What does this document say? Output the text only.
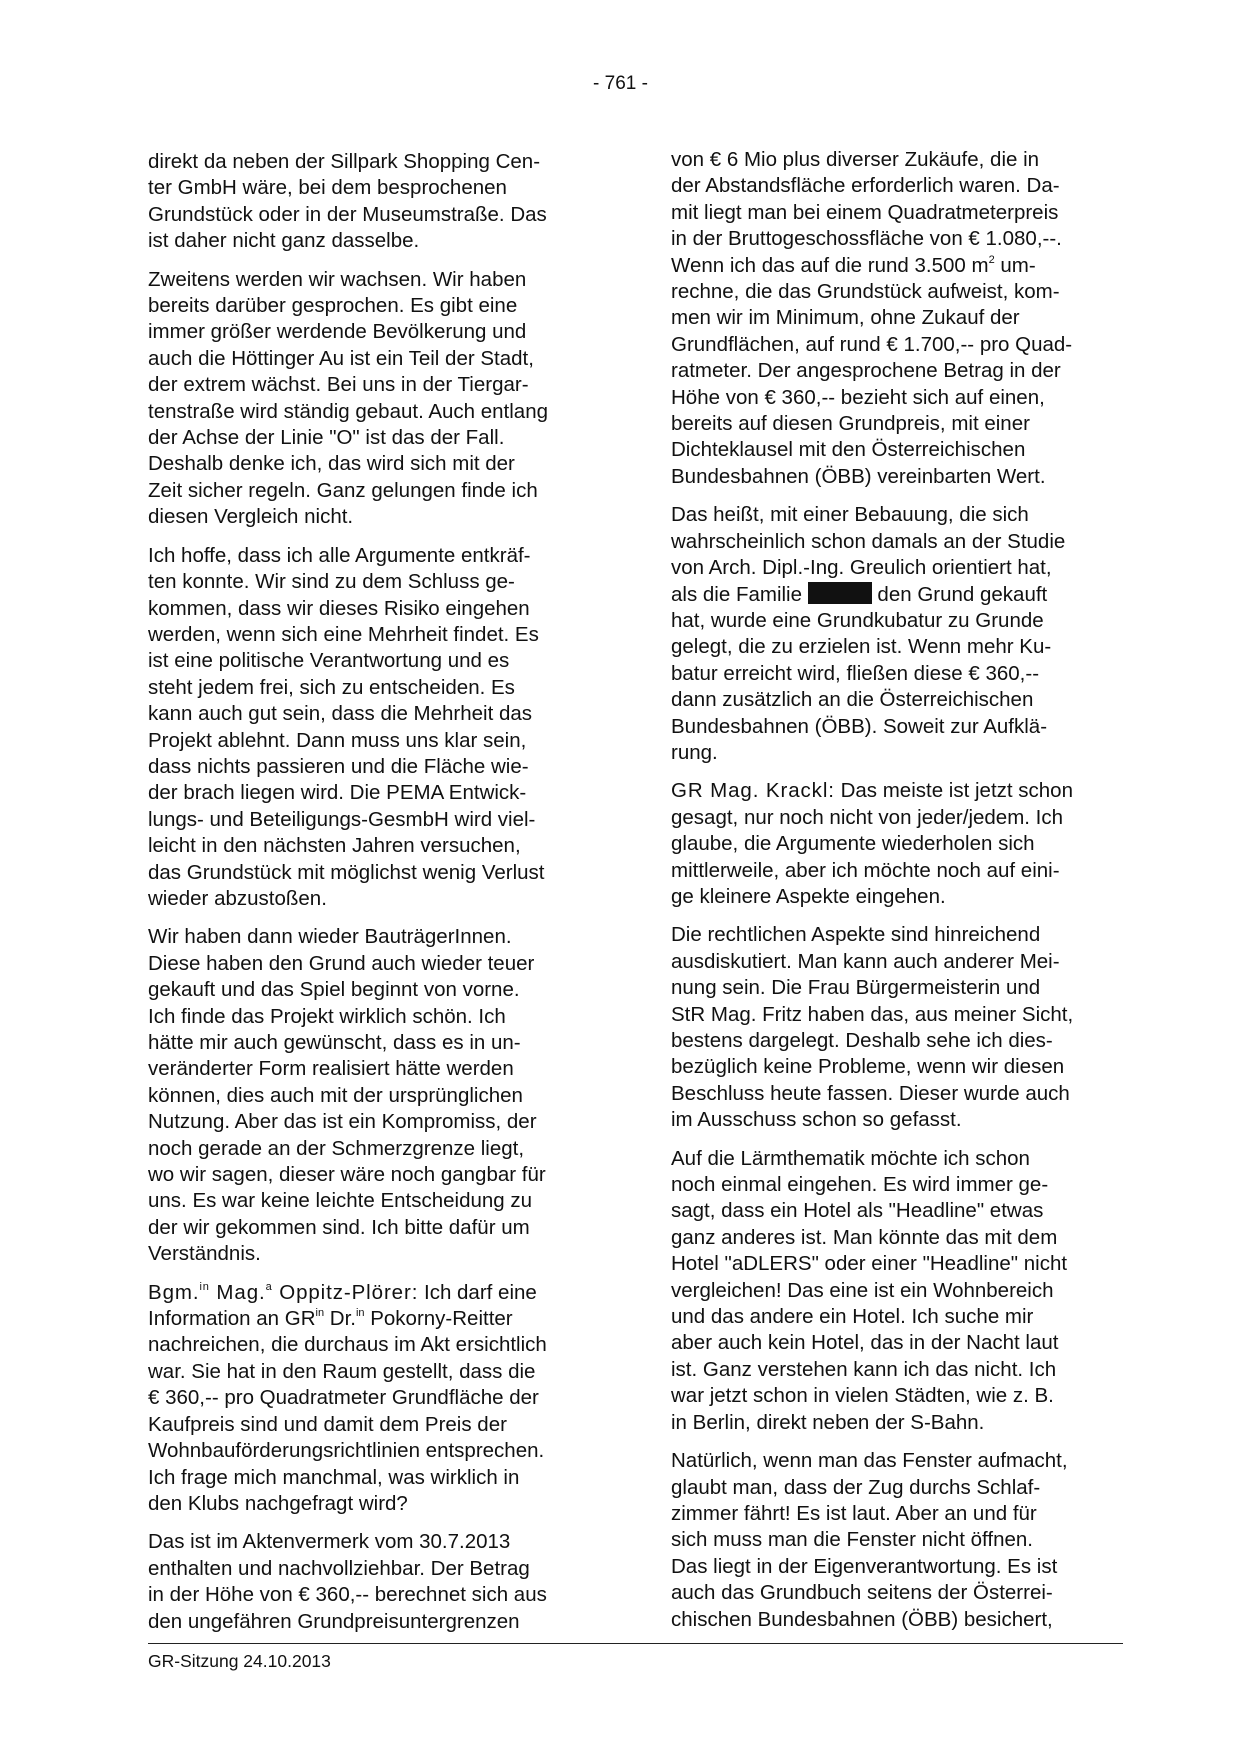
- 761 -

direkt da neben der Sillpark Shopping Cen-
ter GmbH wäre, bei dem besprochenen
Grundstück oder in der Museumstraße. Das
ist daher nicht ganz dasselbe.

Zweitens werden wir wachsen. Wir haben
bereits darüber gesprochen. Es gibt eine
immer größer werdende Bevölkerung und
auch die Höttinger Au ist ein Teil der Stadt,
der extrem wächst. Bei uns in der Tiergar-
tenstraße wird ständig gebaut. Auch entlang
der Achse der Linie "O" ist das der Fall.
Deshalb denke ich, das wird sich mit der
Zeit sicher regeln. Ganz gelungen finde ich
diesen Vergleich nicht.

Ich hoffe, dass ich alle Argumente entkräf-
ten konnte. Wir sind zu dem Schluss ge-
kommen, dass wir dieses Risiko eingehen
werden, wenn sich eine Mehrheit findet. Es
ist eine politische Verantwortung und es
steht jedem frei, sich zu entscheiden. Es
kann auch gut sein, dass die Mehrheit das
Projekt ablehnt. Dann muss uns klar sein,
dass nichts passieren und die Fläche wie-
der brach liegen wird. Die PEMA Entwick-
lungs- und Beteiligungs-GesmbH wird viel-
leicht in den nächsten Jahren versuchen,
das Grundstück mit möglichst wenig Verlust
wieder abzustoßen.

Wir haben dann wieder BauträgerInnen.
Diese haben den Grund auch wieder teuer
gekauft und das Spiel beginnt von vorne.
Ich finde das Projekt wirklich schön. Ich
hätte mir auch gewünscht, dass es in un-
veränderter Form realisiert hätte werden
können, dies auch mit der ursprünglichen
Nutzung. Aber das ist ein Kompromiss, der
noch gerade an der Schmerzgrenze liegt,
wo wir sagen, dieser wäre noch gangbar für
uns. Es war keine leichte Entscheidung zu
der wir gekommen sind. Ich bitte dafür um
Verständnis.

Bgm.$^{in}$ Mag.$^a$ Oppitz-Plörer: Ich darf eine
Information an $GR^{in}$ Dr.$^{in}$ Pokorny-Reitter
nachreichen, die durchaus im Akt ersichtlich
war. Sie hat in den Raum gestellt, dass die
€ 360,-- pro Quadratmeter Grundfläche der
Kaufpreis sind und damit dem Preis der
Wohnbauförderungsrichtlinien entsprechen.
Ich frage mich manchmal, was wirklich in
den Klubs nachgefragt wird?

Das ist im Aktenvermerk vom 30.7.2013
enthalten und nachvollziehbar. Der Betrag
in der Höhe von € 360,-- berechnet sich aus
den ungefähren Grundpreisuntergrenzen

von € 6 Mio plus diverser Zukäufe, die in
der Abstandsfläche erforderlich waren. Da-
mit liegt man bei einem Quadratmeterpreis
in der Bruttogeschossfläche von € 1.080,--.
Wenn ich das auf die rund 3.500 $m^2$ um-
rechne, die das Grundstück aufweist, kom-
men wir im Minimum, ohne Zukauf der
Grundflächen, auf rund € 1.700,-- pro Quad-
ratmeter. Der angesprochene Betrag in der
Höhe von € 360,-- bezieht sich auf einen,
bereits auf diesen Grundpreis, mit einer
Dichteklausel mit den Österreichischen
Bundesbahnen (ÖBB) vereinbarten Wert.

Das heißt, mit einer Bebauung, die sich
wahrscheinlich schon damals an der Studie
von Arch. Dipl.-Ing. Greulich orientiert hat,
als die Familie	den Grund gekauft
hat, wurde eine Grundkubatur zu Grunde
gelegt, die zu erzielen ist. Wenn mehr Ku-
batur erreicht wird, fließen diese € 360,--
dann zusätzlich an die Österreichischen
Bundesbahnen (ÖBB). Soweit zur Aufklä-
rung.

GR Mag. Krackl: Das meiste ist jetzt schon
gesagt, nur noch nicht von jeder/jedem. Ich
glaube, die Argumente wiederholen sich
mittlerweile, aber ich möchte noch auf eini-
ge kleinere Aspekte eingehen.

Die rechtlichen Aspekte sind hinreichend
ausdiskutiert. Man kann auch anderer Mei-
nung sein. Die Frau Bürgermeisterin und
StR Mag. Fritz haben das, aus meiner Sicht,
bestens dargelegt. Deshalb sehe ich dies-
bezüglich keine Probleme, wenn wir diesen
Beschluss heute fassen. Dieser wurde auch
im Ausschuss schon so gefasst.

Auf die Lärmthematik möchte ich schon
noch einmal eingehen. Es wird immer ge-
sagt, dass ein Hotel als "Headline" etwas
ganz anderes ist. Man könnte das mit dem
Hotel "aDLERS" oder einer "Headline" nicht
vergleichen! Das eine ist ein Wohnbereich
und das andere ein Hotel. Ich suche mir
aber auch kein Hotel, das in der Nacht laut
ist. Ganz verstehen kann ich das nicht. Ich
war jetzt schon in vielen Städten, wie z. B.
in Berlin, direkt neben der S-Bahn.

Natürlich, wenn man das Fenster aufmacht,
glaubt man, dass der Zug durchs Schlaf-
zimmer fährt! Es ist laut. Aber an und für
sich muss man die Fenster nicht öffnen.
Das liegt in der Eigenverantwortung. Es ist
auch das Grundbuch seitens der Österrei-
chischen Bundesbahnen (ÖBB) besichert,

GR-Sitzung 24.10.2013
